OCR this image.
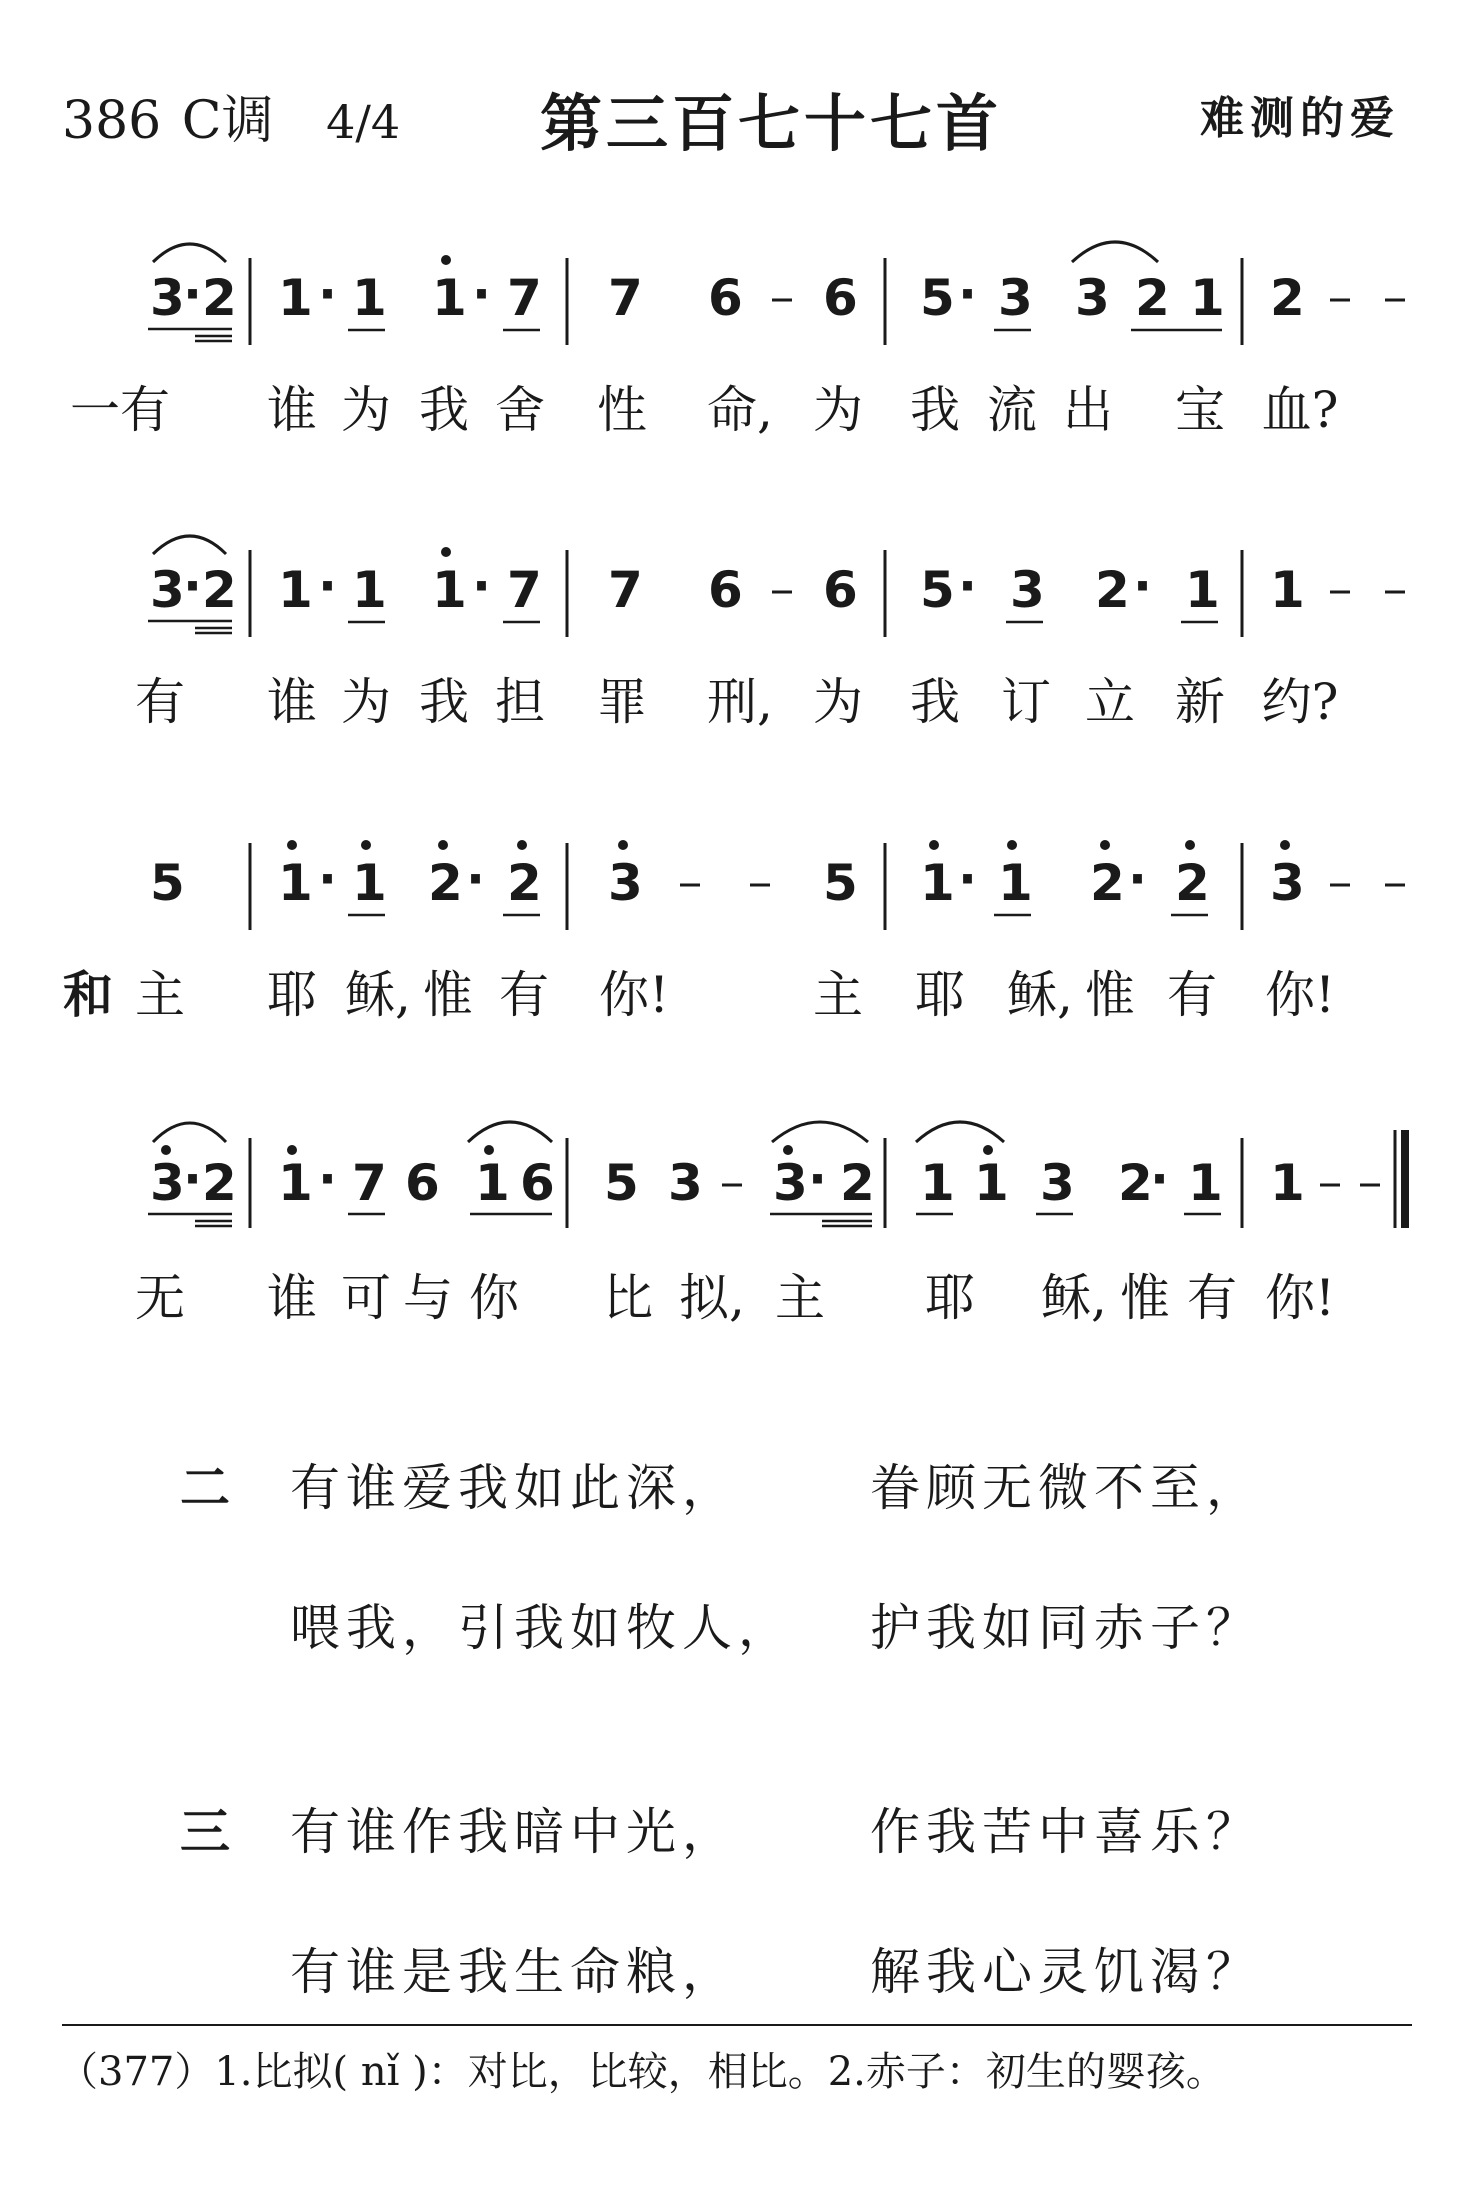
386 C调 4/4 第三百七十七首	难测的爱
3
· 2 1 · 1 1 · 7 7 6 6 5 · 3 3 2 1 2
一有 谁 为 我 舍 性 命, 为 我 流 出 宝 血?
3
· 2 1 · 1 1 · 7 7 6 6 5 · 3 2 · 1 1
有 谁 为 我 担 罪 刑, 为 我 订 立 新 约?
5 1 · 1 2 · 2 3	5 1 · 1 2 · 2 3
和 主 耶 稣, 惟 有 你!	主 耶 稣, 惟 有 你!
3
· 2 1 · 7 6 1 6 5 3 3 · 2 1 1 3 2
· 1 1
无 谁 可 与 你 比 拟, 主 耶 稣, 惟 有 你!
二 有谁爱我如此深，	眷顾无微不至，
喂我，引我如牧人， 护我如同赤子？
三 有谁作我暗中光，	作我苦中喜乐？
有谁是我生命粮，	解我心灵饥渴？
（377）1.比拟( nǐ )：对比，比较，相比。2.赤子：初生的婴孩。
